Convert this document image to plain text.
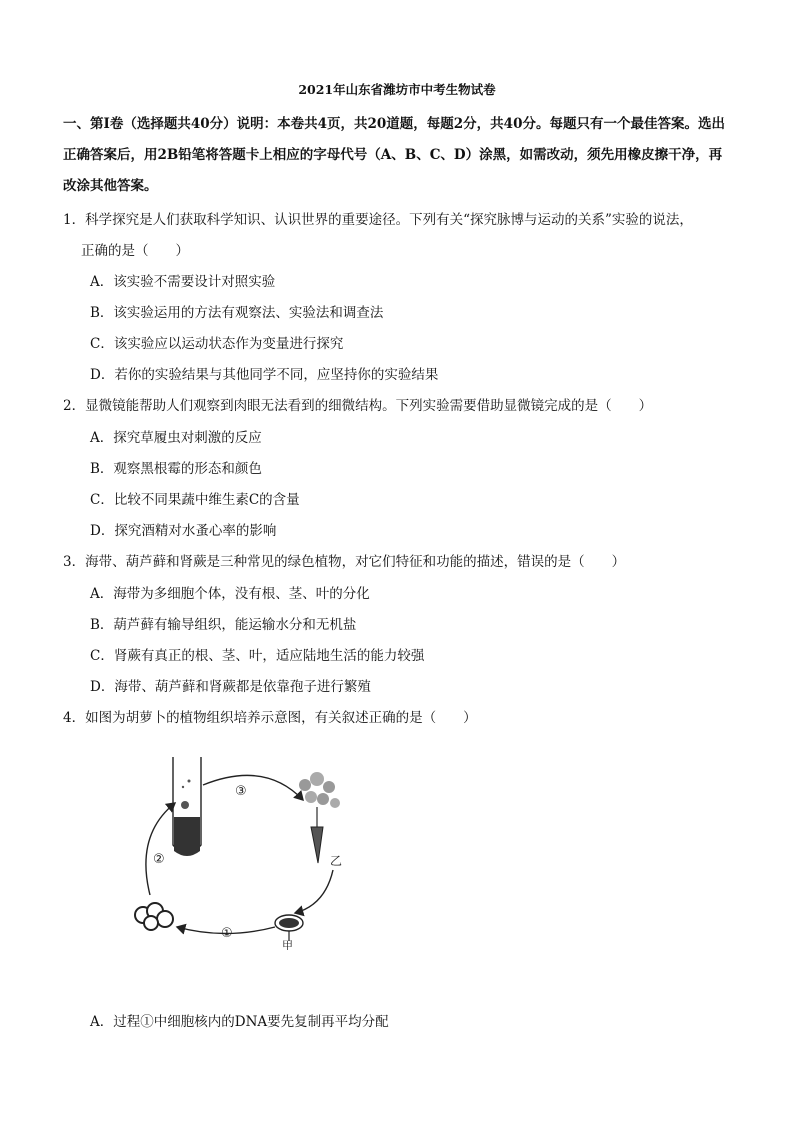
2021年山东省潍坊市中考生物试卷
一、第Ⅰ卷（选择题共40分）说明：本卷共4页，共20道题，每题2分，共40分。每题只有一个最佳答案。选出正确答案后，用2B铅笔将答题卡上相应的字母代号（A、B、C、D）涂黑，如需改动，须先用橡皮擦干净，再改涂其他答案。
1．科学探究是人们获取科学知识、认识世界的重要途径。下列有关“探究脉博与运动的关系”实验的说法，
正确的是（　　）
A．该实验不需要设计对照实验
B．该实验运用的方法有观察法、实验法和调查法
C．该实验应以运动状态作为变量进行探究
D．若你的实验结果与其他同学不同，应坚持你的实验结果
2．显微镜能帮助人们观察到肉眼无法看到的细微结构。下列实验需要借助显微镜完成的是（　　）
A．探究草履虫对刺激的反应
B．观察黑根霉的形态和颜色
C．比较不同果蔬中维生素C的含量
D．探究酒精对水蚤心率的影响
3．海带、葫芦藓和肾蕨是三种常见的绿色植物，对它们特征和功能的描述，错误的是（　　）
A．海带为多细胞个体，没有根、茎、叶的分化
B．葫芦藓有输导组织，能运输水分和无机盐
C．肾蕨有真正的根、茎、叶，适应陆地生活的能力较强
D．海带、葫芦藓和肾蕨都是依靠孢子进行繁殖
4．如图为胡萝卜的植物组织培养示意图，有关叙述正确的是（　　）
①
②
③
甲
乙
A．过程①中细胞核内的DNA要先复制再平均分配
